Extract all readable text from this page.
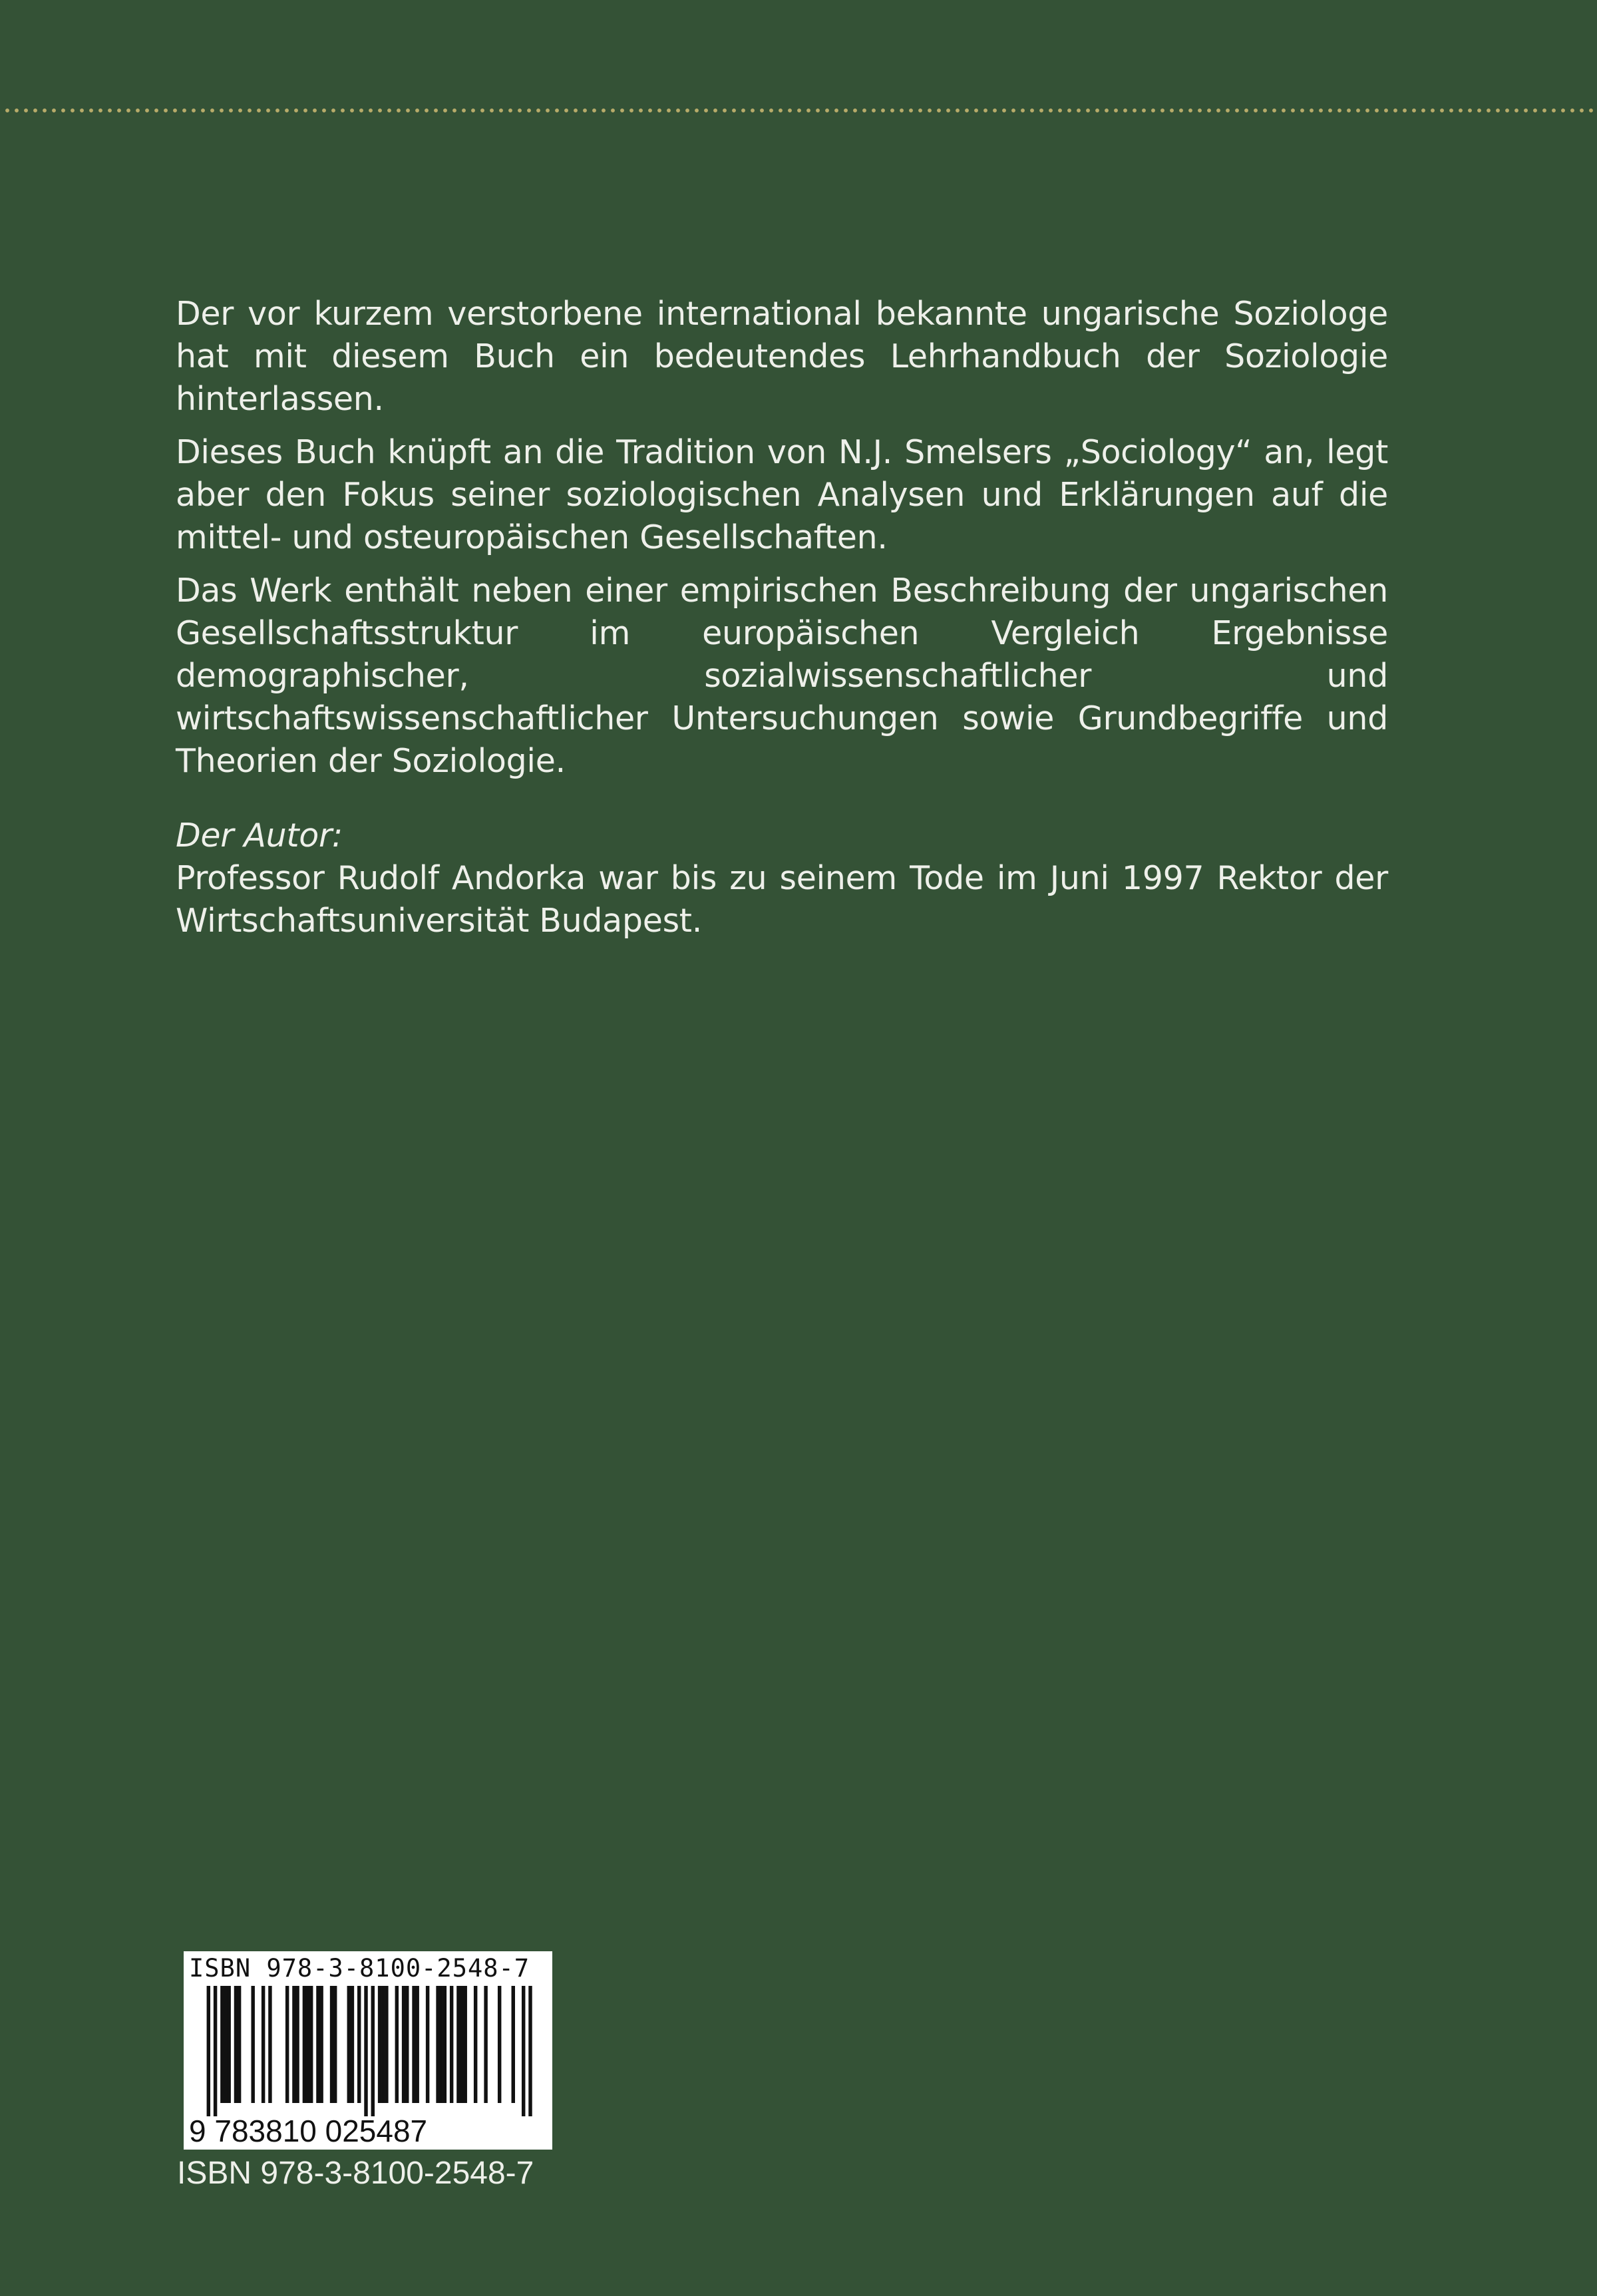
Der vor kurzem verstorbene international bekannte ungarische Soziologe hat mit diesem Buch ein bedeutendes Lehrhandbuch der Soziologie hinterlassen.

Dieses Buch knüpft an die Tradition von N.J. Smelsers „Sociology“ an, legt aber den Fokus seiner soziologischen Analysen und Erklärungen auf die mittel- und osteuropäischen Gesellschaften.

Das Werk enthält neben einer empirischen Beschreibung der ungarischen Gesellschaftsstruktur im europäischen Vergleich Ergebnisse demographischer, sozialwissenschaftlicher und wirtschaftswissenschaftlicher Untersuchungen sowie Grundbegriffe und Theorien der Soziologie.

Der Autor:

Professor Rudolf Andorka war bis zu seinem Tode im Juni 1997 Rektor der Wirtschaftsuniversität Budapest.

ISBN 978-3-8100-2548-7
9 783810 025487
ISBN 978-3-8100-2548-7
